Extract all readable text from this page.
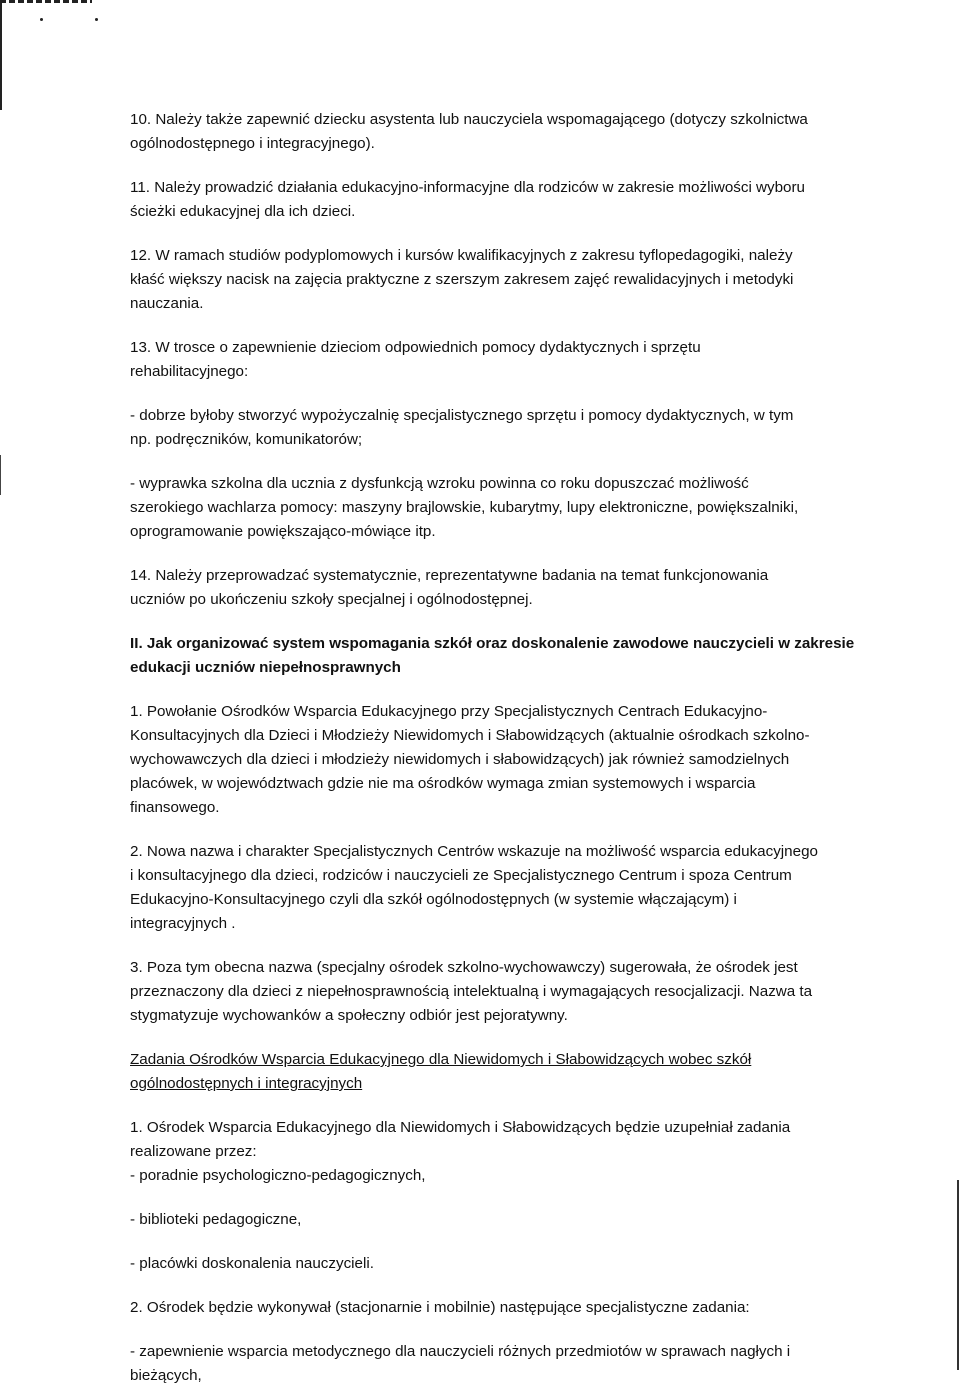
10. Należy także zapewnić dziecku asystenta lub nauczyciela wspomagającego (dotyczy szkolnictwa
ogólnodostępnego i integracyjnego).

11. Należy prowadzić działania edukacyjno-informacyjne dla rodziców w zakresie możliwości wyboru
ścieżki edukacyjnej dla ich dzieci.

12. W ramach studiów podyplomowych i kursów kwalifikacyjnych z zakresu tyflopedagogiki, należy
kłaść większy nacisk na zajęcia praktyczne z szerszym zakresem zajęć rewalidacyjnych i metodyki
nauczania.

13. W trosce o zapewnienie dzieciom odpowiednich pomocy dydaktycznych i sprzętu
rehabilitacyjnego:

- dobrze byłoby stworzyć wypożyczalnię specjalistycznego sprzętu i pomocy dydaktycznych, w tym
np. podręczników, komunikatorów;

- wyprawka szkolna dla ucznia z dysfunkcją wzroku powinna co roku dopuszczać możliwość
szerokiego wachlarza pomocy: maszyny brajlowskie, kubarytmy, lupy elektroniczne, powiększalniki,
oprogramowanie powiększająco-mówiące itp.

14. Należy przeprowadzać systematycznie, reprezentatywne badania na temat funkcjonowania
uczniów po ukończeniu szkoły specjalnej i ogólnodostępnej.

II. Jak organizować system wspomagania szkół oraz doskonalenie zawodowe nauczycieli w zakresie
edukacji uczniów niepełnosprawnych

1. Powołanie Ośrodków Wsparcia Edukacyjnego przy Specjalistycznych Centrach Edukacyjno-
Konsultacyjnych dla Dzieci i Młodzieży Niewidomych i Słabowidzących (aktualnie ośrodkach szkolno-
wychowawczych dla dzieci i młodzieży niewidomych i słabowidzących) jak również samodzielnych
placówek, w województwach gdzie nie ma ośrodków wymaga zmian systemowych i wsparcia
finansowego.

2. Nowa nazwa i charakter Specjalistycznych Centrów wskazuje na możliwość wsparcia edukacyjnego
i konsultacyjnego dla dzieci, rodziców i nauczycieli ze Specjalistycznego Centrum i spoza Centrum
Edukacyjno-Konsultacyjnego czyli dla szkół ogólnodostępnych (w systemie włączającym) i
integracyjnych .

3. Poza tym obecna nazwa (specjalny ośrodek szkolno-wychowawczy) sugerowała, że ośrodek jest
przeznaczony dla dzieci z niepełnosprawnością intelektualną i wymagających resocjalizacji. Nazwa ta
stygmatyzuje wychowanków a społeczny odbiór jest pejoratywny.

Zadania Ośrodków Wsparcia Edukacyjnego dla Niewidomych i Słabowidzących wobec szkół
ogólnodostępnych i integracyjnych

1. Ośrodek Wsparcia Edukacyjnego dla Niewidomych i Słabowidzących będzie uzupełniał zadania
realizowane przez:
- poradnie psychologiczno-pedagogicznych,

- biblioteki pedagogiczne,

- placówki doskonalenia nauczycieli.

2. Ośrodek będzie wykonywał (stacjonarnie i mobilnie) następujące specjalistyczne zadania:

- zapewnienie wsparcia metodycznego dla nauczycieli różnych przedmiotów w sprawach nagłych i
bieżących,
